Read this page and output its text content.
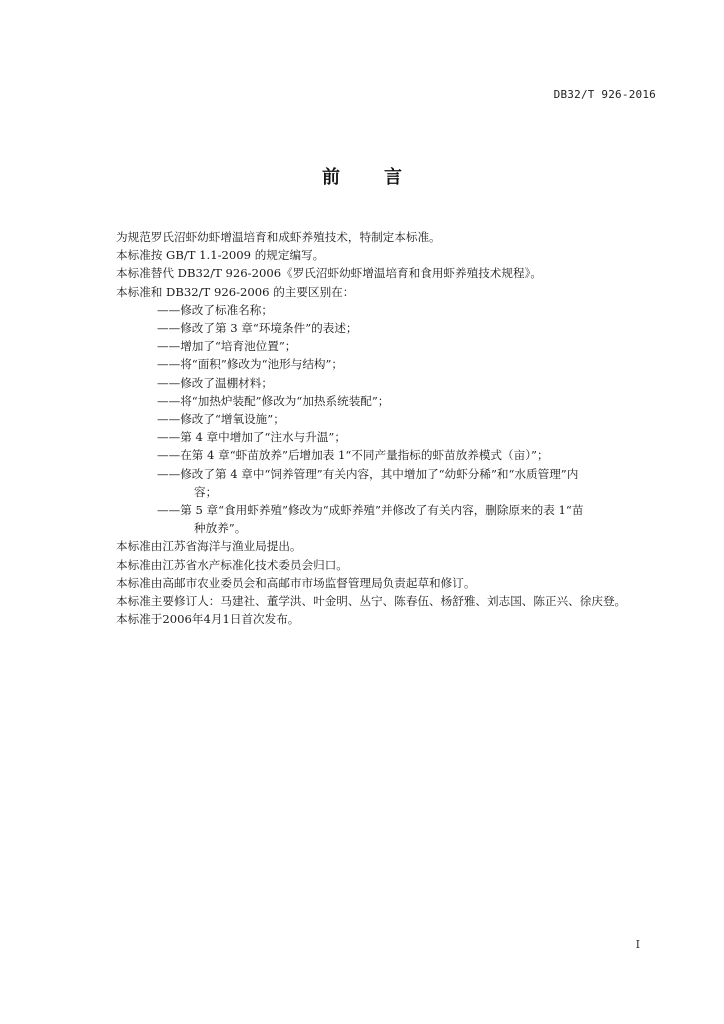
DB32/T 926-2016
前 言
为规范罗氏沼虾幼虾增温培育和成虾养殖技术，特制定本标准。
本标准按 GB/T 1.1-2009 的规定编写。
本标准替代 DB32/T 926-2006《罗氏沼虾幼虾增温培育和食用虾养殖技术规程》。
本标准和 DB32/T 926-2006 的主要区别在：
——修改了标准名称；
——修改了第 3 章“环境条件”的表述；
——增加了“培育池位置”；
——将“面积”修改为“池形与结构”；
——修改了温棚材料；
——将“加热炉装配”修改为“加热系统装配”；
——修改了“增氧设施”；
——第 4 章中增加了“注水与升温”；
——在第 4 章“虾苗放养”后增加表 1“不同产量指标的虾苗放养模式（亩）”；
——修改了第 4 章中“饲养管理”有关内容，其中增加了“幼虾分稀”和“水质管理”内
容；
——第 5 章“食用虾养殖”修改为“成虾养殖”并修改了有关内容，删除原来的表 1“苗
种放养”。
本标准由江苏省海洋与渔业局提出。
本标准由江苏省水产标准化技术委员会归口。
本标准由高邮市农业委员会和高邮市市场监督管理局负责起草和修订。
本标准主要修订人：马建社、董学洪、叶金明、丛宁、陈春伍、杨舒雅、刘志国、陈正兴、徐庆登。
本标准于2006年4月1日首次发布。
I
